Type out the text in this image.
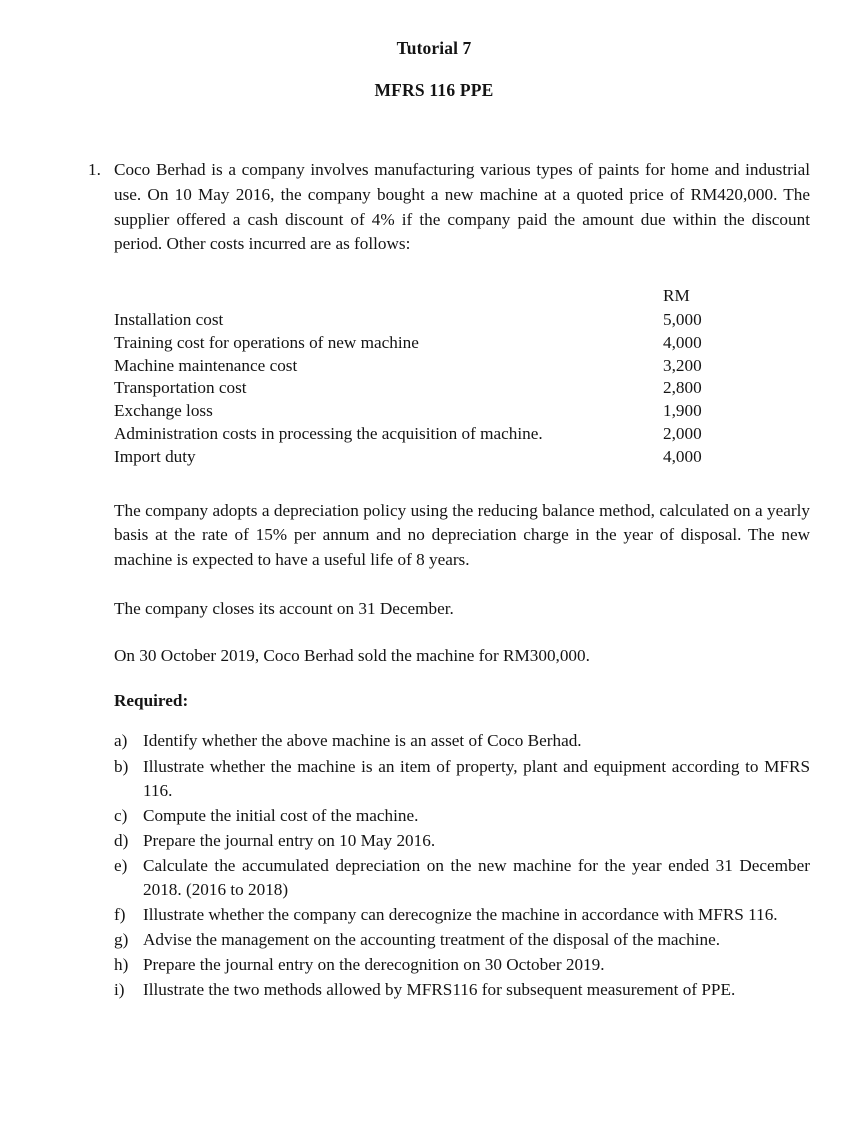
Tutorial 7
MFRS 116 PPE
1. Coco Berhad is a company involves manufacturing various types of paints for home and industrial use. On 10 May 2016, the company bought a new machine at a quoted price of RM420,000. The supplier offered a cash discount of 4% if the company paid the amount due within the discount period. Other costs incurred are as follows:
	RM
Installation cost	5,000
Training cost for operations of new machine	4,000
Machine maintenance cost	3,200
Transportation cost	2,800
Exchange loss	1,900
Administration costs in processing the acquisition of machine.	2,000
Import duty	4,000
The company adopts a depreciation policy using the reducing balance method, calculated on a yearly basis at the rate of 15% per annum and no depreciation charge in the year of disposal. The new machine is expected to have a useful life of 8 years.
The company closes its account on 31 December.
On 30 October 2019, Coco Berhad sold the machine for RM300,000.
Required:
a) Identify whether the above machine is an asset of Coco Berhad.
b) Illustrate whether the machine is an item of property, plant and equipment according to MFRS 116.
c) Compute the initial cost of the machine.
d) Prepare the journal entry on 10 May 2016.
e) Calculate the accumulated depreciation on the new machine for the year ended 31 December 2018. (2016 to 2018)
f)	Illustrate whether the company can derecognize the machine in accordance with MFRS 116.
g) Advise the management on the accounting treatment of the disposal of the machine.
h) Prepare the journal entry on the derecognition on 30 October 2019.
i)	Illustrate the two methods allowed by MFRS116 for subsequent measurement of PPE.
